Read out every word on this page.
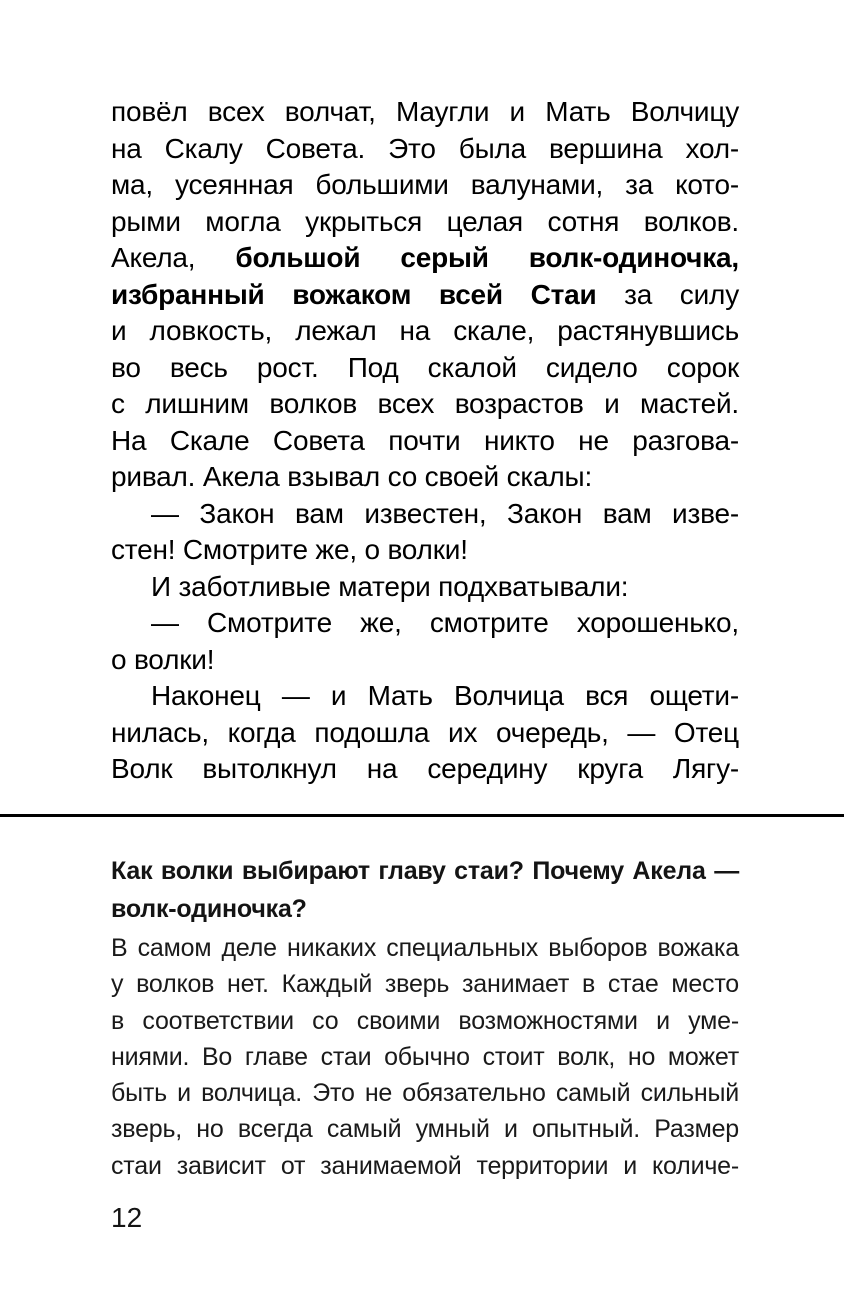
повёл всех волчат, Маугли и Мать Волчицу
на Скалу Совета. Это была вершина хол-
ма, усеянная большими валунами, за кото-
рыми могла укрыться целая сотня волков.
Акела, большой серый волк-одиночка,
избранный вожаком всей Стаи за силу
и ловкость, лежал на скале, растянувшись
во весь рост. Под скалой сидело сорок
с лишним волков всех возрастов и мастей.
На Скале Совета почти никто не разгова-
ривал. Акела взывал со своей скалы:
— Закон вам известен, Закон вам изве-
стен! Смотрите же, о волки!
И заботливые матери подхватывали:
— Смотрите же, смотрите хорошенько,
о волки!
Наконец — и Мать Волчица вся ощети-
нилась, когда подошла их очередь, — Отец
Волк вытолкнул на середину круга Лягу-
Как волки выбирают главу стаи? Почему Акела —
волк-одиночка?
В самом деле никаких специальных выборов вожака
у волков нет. Каждый зверь занимает в стае место
в соответствии со своими возможностями и уме-
ниями. Во главе стаи обычно стоит волк, но может
быть и волчица. Это не обязательно самый сильный
зверь, но всегда самый умный и опытный. Размер
стаи зависит от занимаемой территории и количе-
12
